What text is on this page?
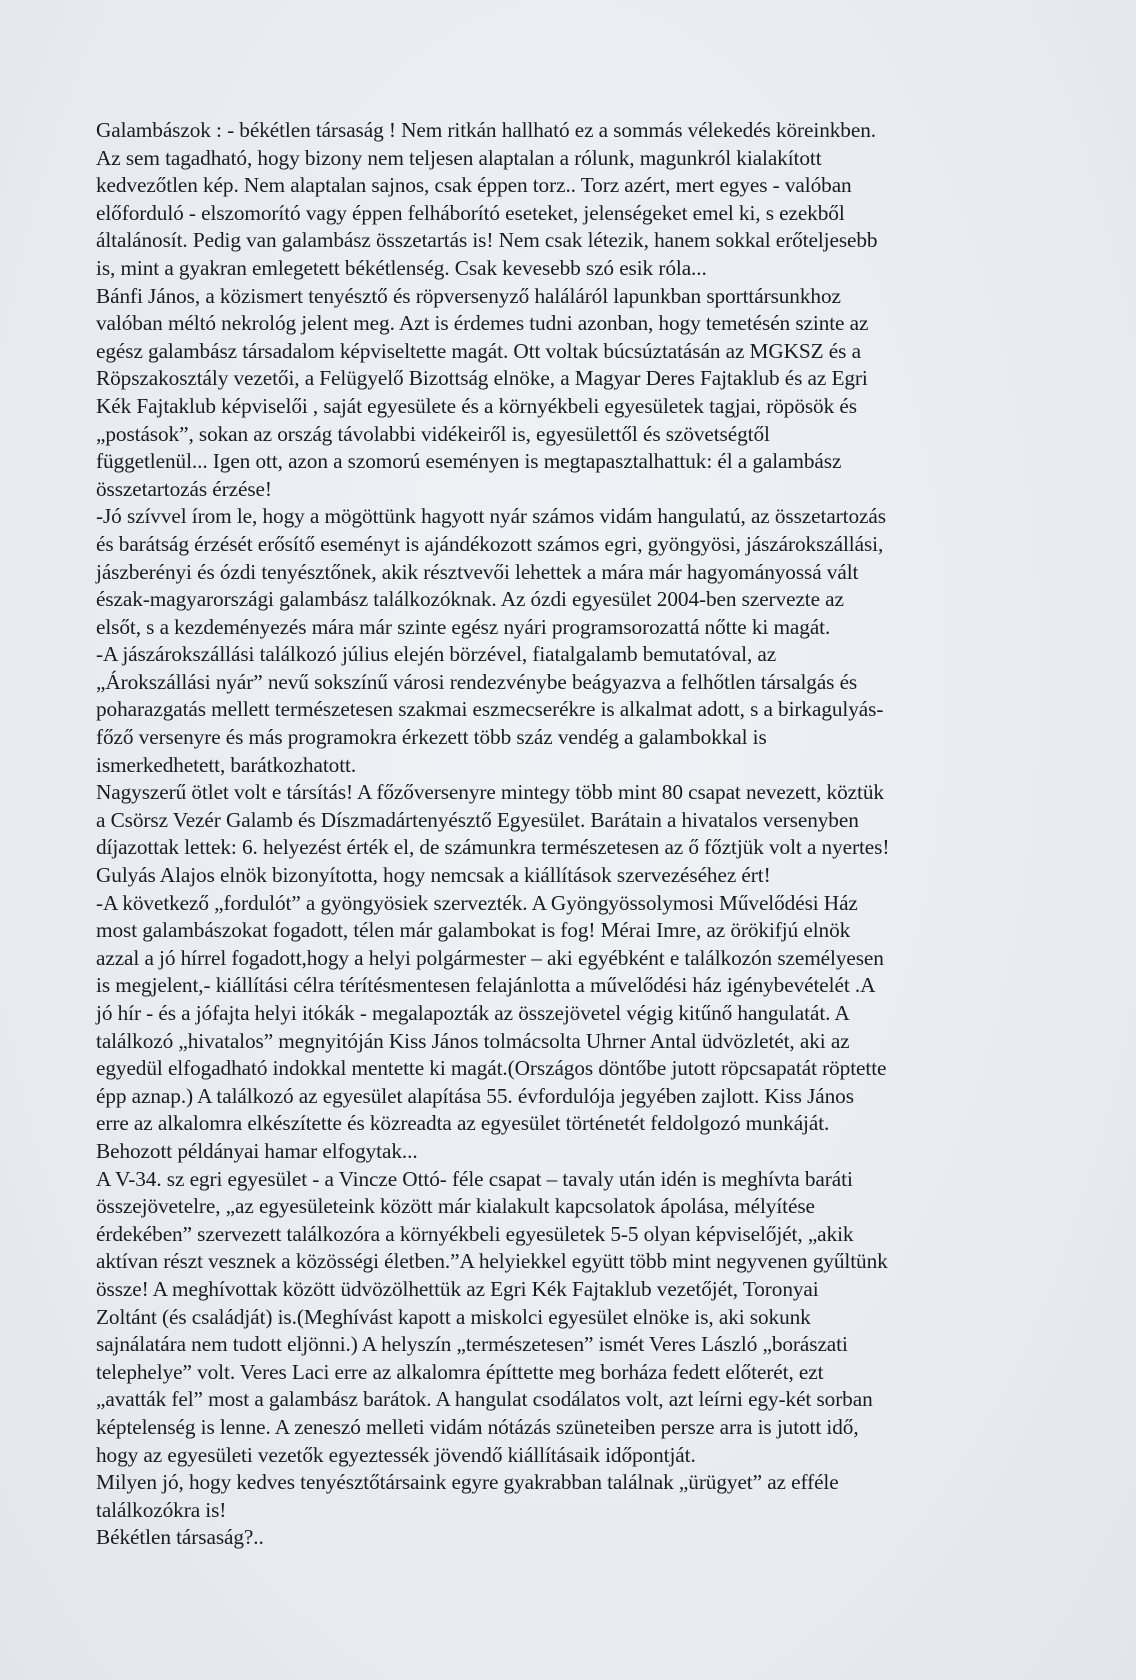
Galambászok : - békétlen társaság ! Nem ritkán hallható ez a sommás vélekedés köreinkben.
Az sem tagadható, hogy bizony nem teljesen alaptalan a rólunk, magunkról kialakított
kedvezőtlen kép. Nem alaptalan sajnos, csak éppen torz.. Torz azért, mert egyes - valóban
előforduló - elszomorító vagy éppen felháborító eseteket, jelenségeket emel ki, s ezekből
általánosít. Pedig van galambász összetartás is! Nem csak létezik, hanem sokkal erőteljesebb
is, mint a gyakran emlegetett békétlenség. Csak kevesebb szó esik róla...
Bánfi János, a közismert tenyésztő és röpversenyző haláláról lapunkban sporttársunkhoz
valóban méltó nekrológ jelent meg. Azt is érdemes tudni azonban, hogy temetésén szinte az
egész galambász társadalom képviseltette magát. Ott voltak búcsúztatásán az MGKSZ és a
Röpszakosztály vezetői, a Felügyelő Bizottság elnöke, a Magyar Deres Fajtaklub és az Egri
Kék Fajtaklub képviselői , saját egyesülete és a környékbeli egyesületek tagjai, röpösök és
„postások”, sokan az ország távolabbi vidékeiről is, egyesülettől és szövetségtől
függetlenül... Igen ott, azon a szomorú eseményen is megtapasztalhattuk: él a galambász
összetartozás érzése!
-Jó szívvel írom le, hogy a mögöttünk hagyott nyár számos vidám hangulatú, az összetartozás
és barátság érzését erősítő eseményt is ajándékozott számos egri, gyöngyösi, jászárokszállási,
jászberényi és ózdi tenyésztőnek, akik résztvevői lehettek a mára már hagyományossá vált
észak-magyarországi galambász találkozóknak. Az ózdi egyesület 2004-ben szervezte az
elsőt, s a kezdeményezés mára már szinte egész nyári programsorozattá nőtte ki magát.
-A jászárokszállási találkozó július elején börzével, fiatalgalamb bemutatóval, az
„Árokszállási nyár” nevű sokszínű városi rendezvénybe beágyazva a felhőtlen társalgás és
poharazgatás mellett természetesen szakmai eszmecserékre is alkalmat adott, s a birkagulyás-
főző versenyre és más programokra érkezett több száz vendég a galambokkal is
ismerkedhetett, barátkozhatott.
Nagyszerű ötlet volt e társítás! A főzőversenyre mintegy több mint 80 csapat nevezett, köztük
a Csörsz Vezér Galamb és Díszmadártenyésztő Egyesület. Barátain a hivatalos versenyben
díjazottak lettek: 6. helyezést érték el, de számunkra természetesen az ő főztjük volt a nyertes!
Gulyás Alajos elnök bizonyította, hogy nemcsak a kiállítások szervezéséhez ért!
-A következő „fordulót” a gyöngyösiek szervezték. A Gyöngyössolymosi Művelődési Ház
most galambászokat fogadott, télen már galambokat is fog! Mérai Imre, az örökifjú elnök
azzal a jó hírrel fogadott,hogy a helyi polgármester – aki egyébként e találkozón személyesen
is megjelent,- kiállítási célra térítésmentesen felajánlotta a művelődési ház igénybevételét .A
jó hír - és a jófajta helyi itókák - megalapozták az összejövetel végig kitűnő hangulatát. A
találkozó „hivatalos” megnyitóján Kiss János tolmácsolta Uhrner Antal üdvözletét, aki az
egyedül elfogadható indokkal mentette ki magát.(Országos döntőbe jutott röpcsapatát röptette
épp aznap.) A találkozó az egyesület alapítása 55. évfordulója jegyében zajlott. Kiss János
erre az alkalomra elkészítette és közreadta az egyesület történetét feldolgozó munkáját.
Behozott példányai hamar elfogytak...
A V-34. sz egri egyesület - a Vincze Ottó- féle csapat – tavaly után idén is meghívta baráti
összejövetelre, „az egyesületeink között már kialakult kapcsolatok ápolása, mélyítése
érdekében” szervezett találkozóra a környékbeli egyesületek 5-5 olyan képviselőjét, „akik
aktívan részt vesznek a közösségi életben.”A helyiekkel együtt több mint negyvenen gyűltünk
össze! A meghívottak között üdvözölhettük az Egri Kék Fajtaklub vezetőjét, Toronyai
Zoltánt (és családját) is.(Meghívást kapott a miskolci egyesület elnöke is, aki sokunk
sajnálatára nem tudott eljönni.) A helyszín „természetesen” ismét Veres László „borászati
telephelye” volt. Veres Laci erre az alkalomra építtette meg borháza fedett előterét, ezt
„avatták fel” most a galambász barátok. A hangulat csodálatos volt, azt leírni egy-két sorban
képtelenség is lenne. A zeneszó melleti vidám nótázás szüneteiben persze arra is jutott idő,
hogy az egyesületi vezetők egyeztessék jövendő kiállításaik időpontját.
Milyen jó, hogy kedves tenyésztőtársaink egyre gyakrabban találnak „ürügyet” az efféle
találkozókra is!
Békétlen társaság?..
